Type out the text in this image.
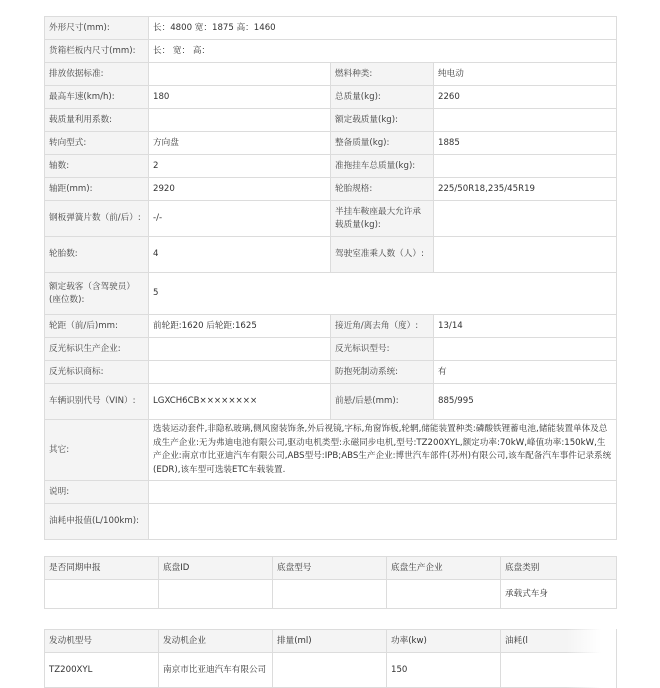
外形尺寸(mm):	长：4800 宽：1875 高：1460		
货箱栏板内尺寸(mm):	长： 宽： 高：		
排放依据标准:		燃料种类:	纯电动
最高车速(km/h):	180	总质量(kg):	2260
载质量利用系数:		额定载质量(kg):	
转向型式:	方向盘	整备质量(kg):	1885
轴数:	2	准拖挂车总质量(kg):	
轴距(mm):	2920	轮胎规格:	225/50R18,235/45R19
钢板弹簧片数（前/后）:	-/-	半挂车鞍座最大允许承载质量(kg):	
轮胎数:	4	驾驶室准乘人数（人）:	
额定载客（含驾驶员）(座位数):	5		
轮距（前/后)mm:	前轮距:1620 后轮距:1625	接近角/离去角（度）:	13/14
反光标识生产企业:		反光标识型号:	
反光标识商标:		防抱死制动系统:	有
车辆识别代号（VIN）:	LGXCH6CB××××××××	前悬/后悬(mm):	885/995
其它:	选装运动套件,非隐私玻璃,侧风窗装饰条,外后视镜,字标,角窗饰板,轮辋,储能装置种类:磷酸铁锂蓄电池,储能装置单体及总成生产企业:无为弗迪电池有限公司,驱动电机类型:永磁同步电机,型号:TZ200XYL,额定功率:70kW,峰值功率:150kW,生产企业:南京市比亚迪汽车有限公司,ABS型号:IPB;ABS生产企业:博世汽车部件(苏州)有限公司,该车配备汽车事件记录系统(EDR),该车型可选装ETC车载装置.		
说明:			
油耗申报值(L/100km):			
是否同期申报	底盘ID	底盘型号	底盘生产企业	底盘类别
				承载式车身
发动机型号	发动机企业	排量(ml)	功率(kw)	油耗(l
TZ200XYL	南京市比亚迪汽车有限公司		150	
